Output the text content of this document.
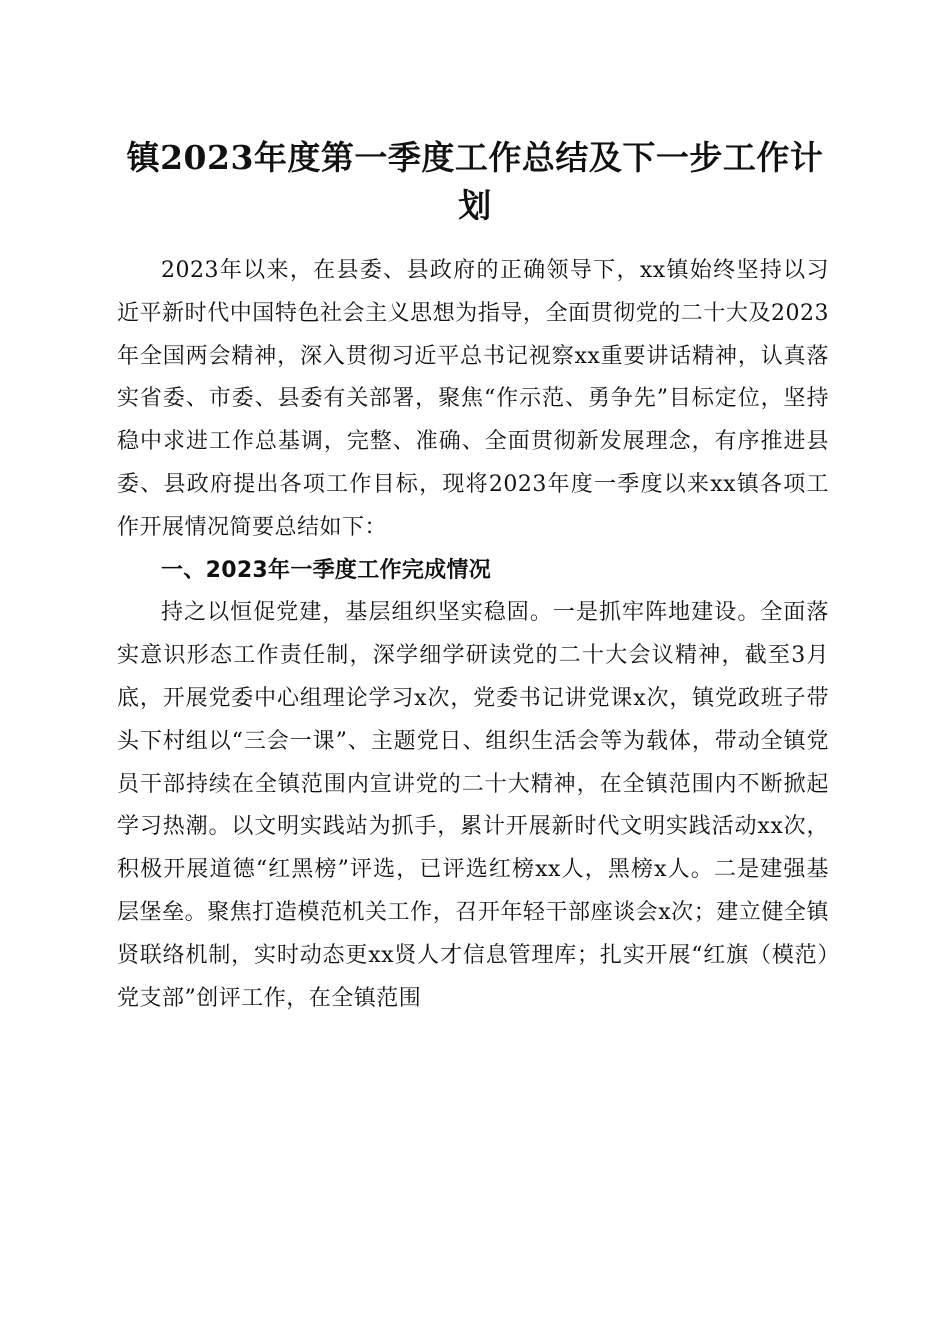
镇2023年度第一季度工作总结及下一步工作计划

2023年以来，在县委、县政府的正确领导下，xx镇始终坚持以习近平新时代中国特色社会主义思想为指导，全面贯彻党的二十大及2023年全国两会精神，深入贯彻习近平总书记视察xx重要讲话精神，认真落实省委、市委、县委有关部署，聚焦“作示范、勇争先”目标定位，坚持稳中求进工作总基调，完整、准确、全面贯彻新发展理念，有序推进县委、县政府提出各项工作目标，现将2023年度一季度以来xx镇各项工作开展情况简要总结如下：

一、2023年一季度工作完成情况

持之以恒促党建，基层组织坚实稳固。一是抓牢阵地建设。全面落实意识形态工作责任制，深学细学研读党的二十大会议精神，截至3月底，开展党委中心组理论学习x次，党委书记讲党课x次，镇党政班子带头下村组以“三会一课”、主题党日、组织生活会等为载体，带动全镇党员干部持续在全镇范围内宣讲党的二十大精神，在全镇范围内不断掀起学习热潮。以文明实践站为抓手，累计开展新时代文明实践活动xx次，积极开展道德“红黑榜”评选，已评选红榜xx人，黑榜x人。二是建强基层堡垒。聚焦打造模范机关工作，召开年轻干部座谈会x次；建立健全镇贤联络机制，实时动态更xx贤人才信息管理库；扎实开展“红旗（模范）党支部”创评工作，在全镇范围
